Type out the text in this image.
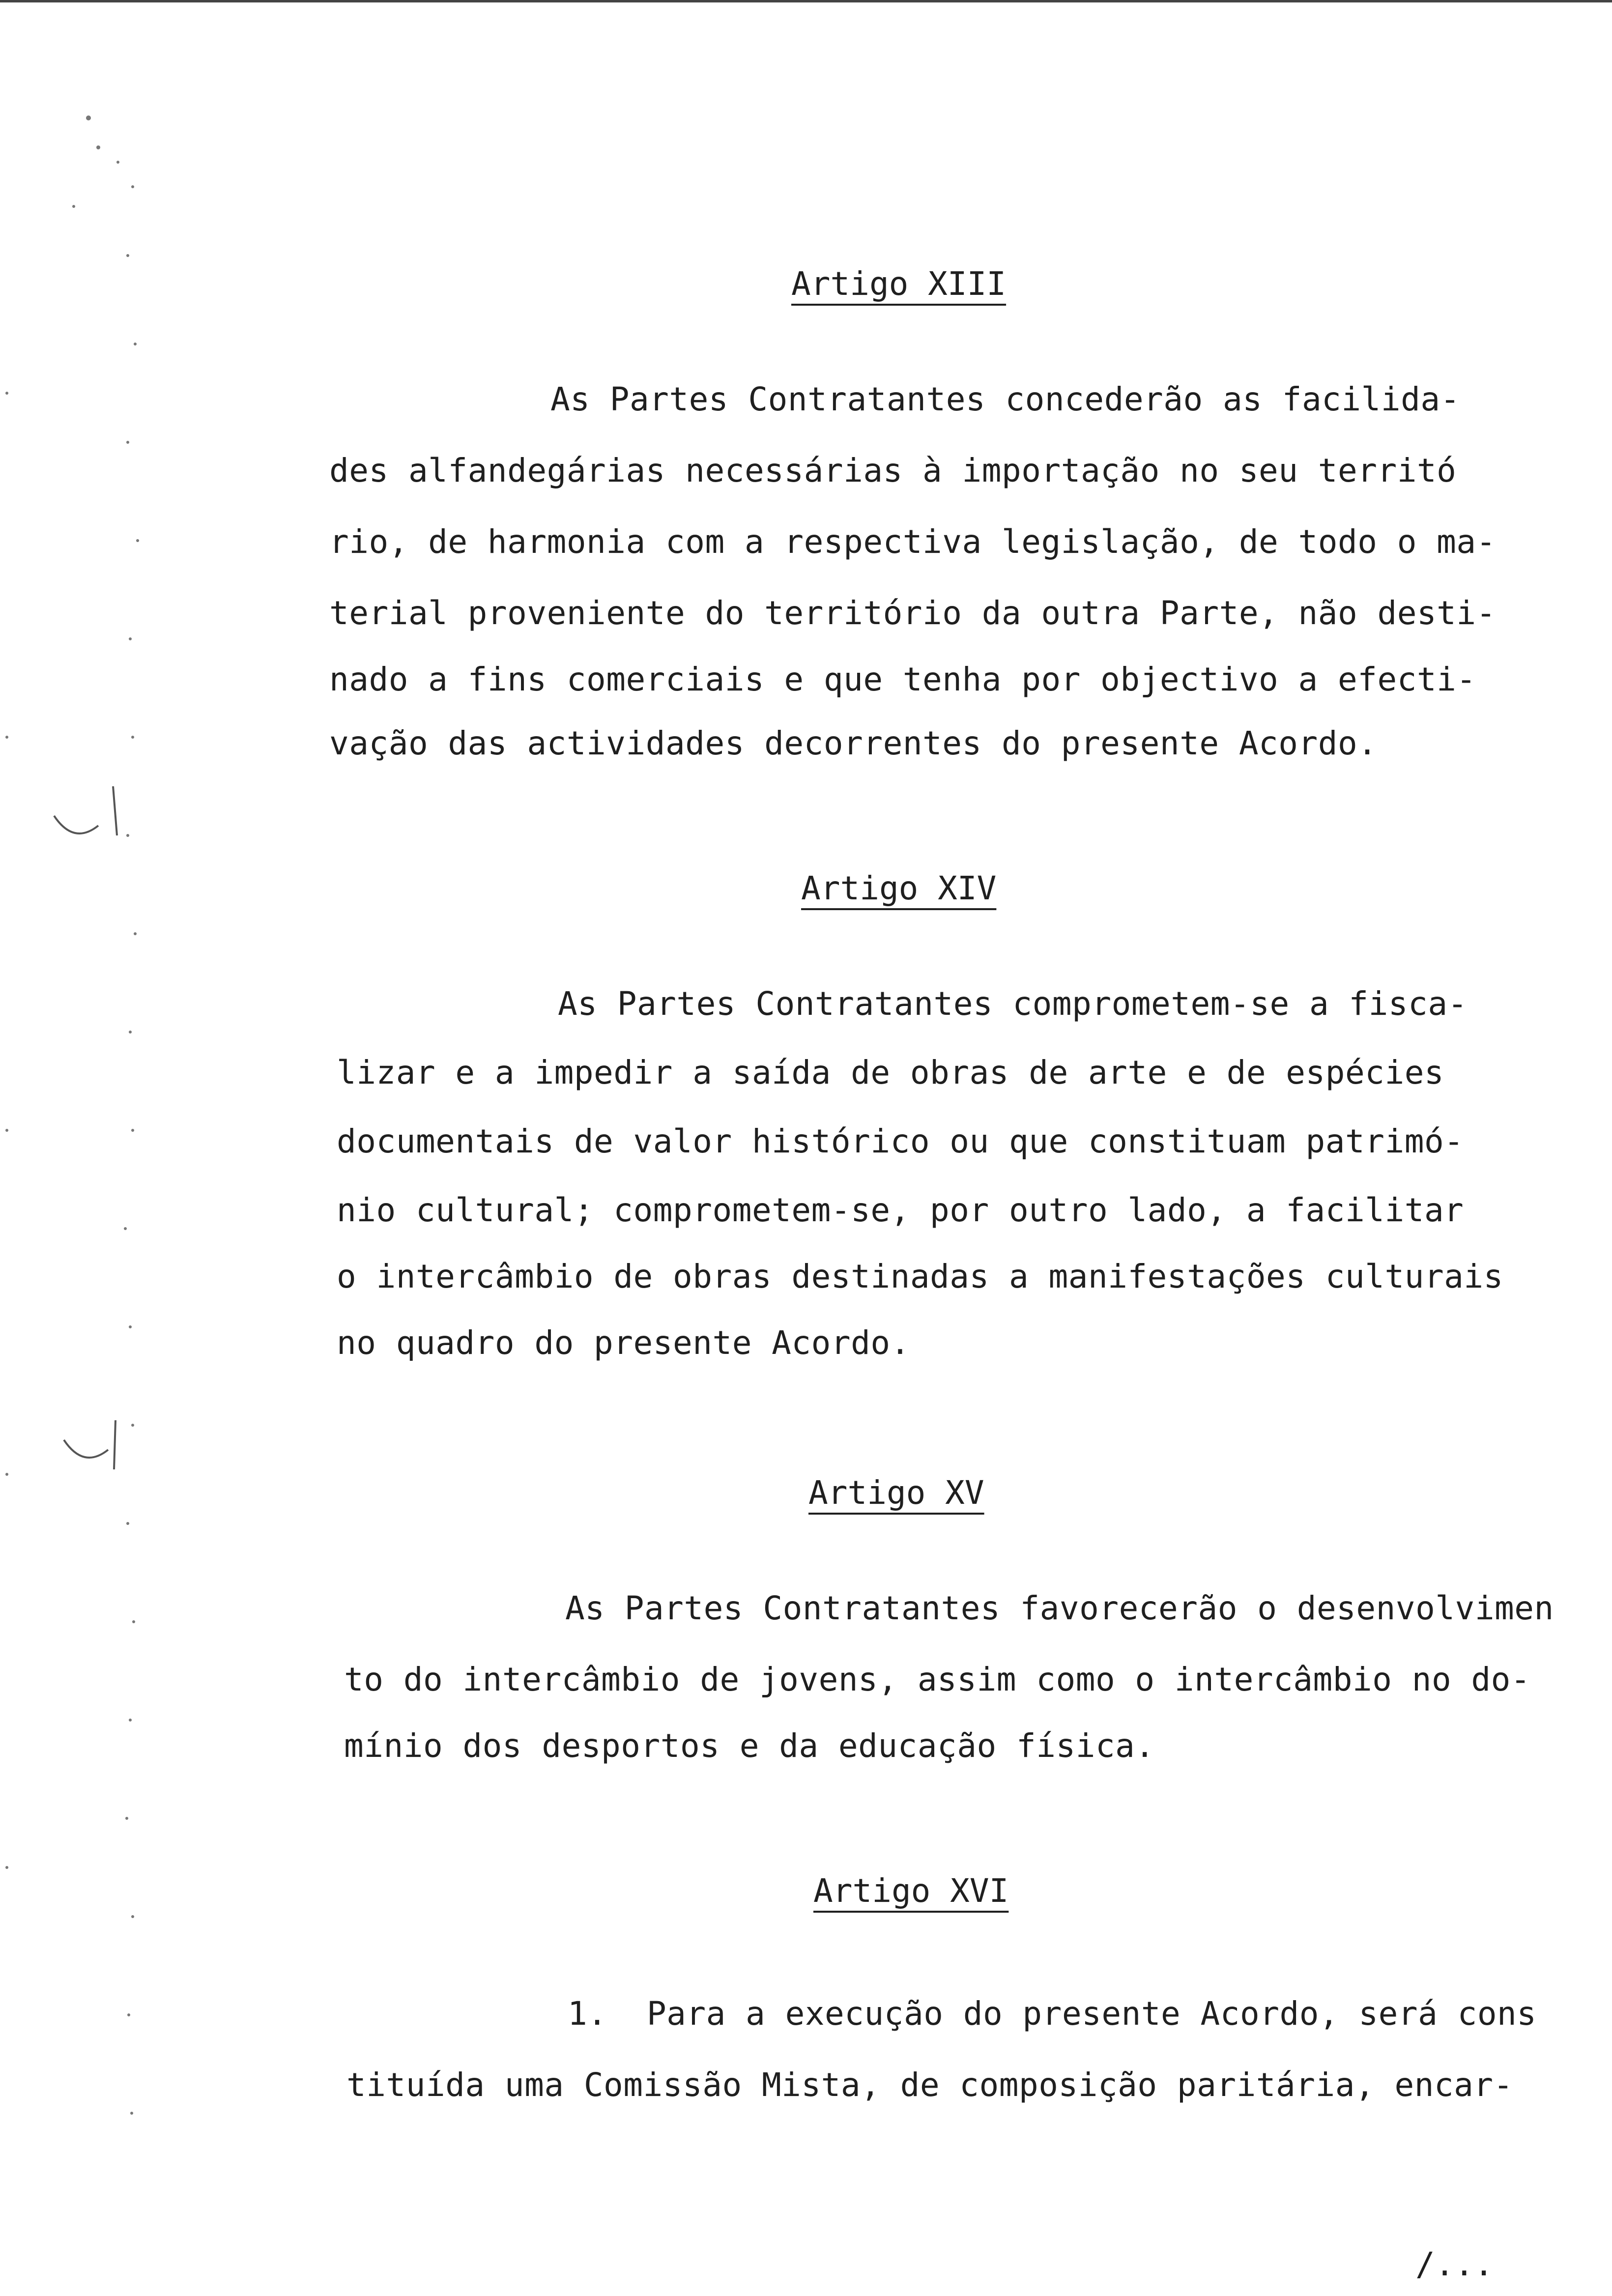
Artigo XIII
As Partes Contratantes concederão as facilida-
des alfandegárias necessárias à importação no seu territó
rio, de harmonia com a respectiva legislação, de todo o ma-
terial proveniente do território da outra Parte, não desti-
nado a fins comerciais e que tenha por objectivo a efecti-
vação das actividades decorrentes do presente Acordo.
Artigo XIV
As Partes Contratantes comprometem-se a fisca-
lizar e a impedir a saída de obras de arte e de espécies
documentais de valor histórico ou que constituam patrimó-
nio cultural; comprometem-se, por outro lado, a facilitar
o intercâmbio de obras destinadas a manifestações culturais
no quadro do presente Acordo.
Artigo XV
As Partes Contratantes favorecerão o desenvolvimen
to do intercâmbio de jovens, assim como o intercâmbio no do-
mínio dos desportos e da educação física.
Artigo XVI
1.  Para a execução do presente Acordo, será cons
tituída uma Comissão Mista, de composição paritária, encar-
/...
